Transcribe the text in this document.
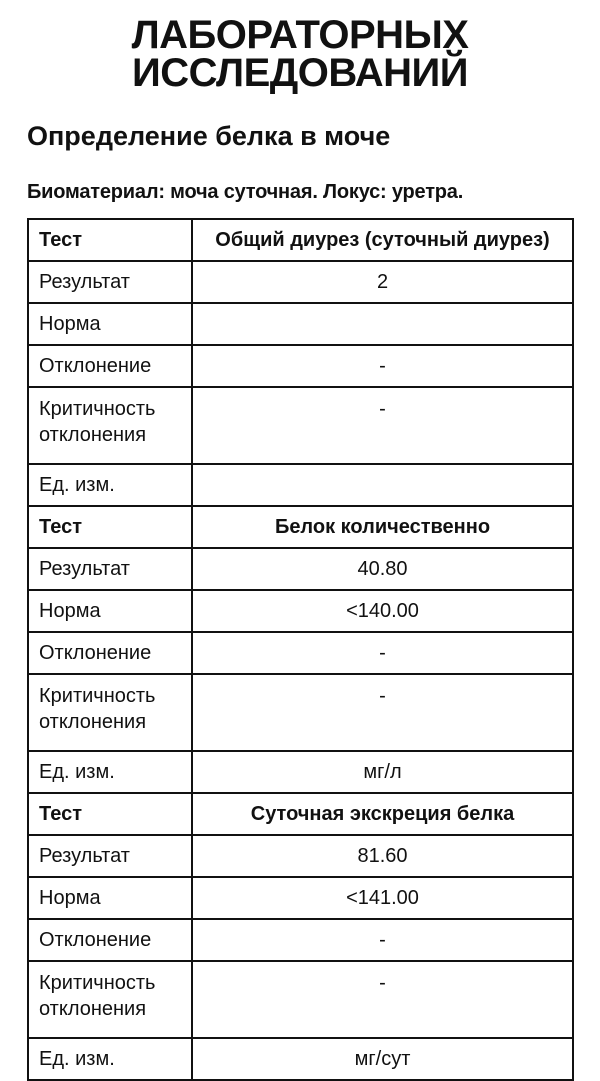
ЛАБОРАТОРНЫХ
ИССЛЕДОВАНИЙ
Определение белка в моче
Биоматериал: моча суточная. Локус: уретра.
Тест	Общий диурез (суточный диурез)
Результат	2
Норма	
Отклонение	-
Критичность
отклонения	-
Ед. изм.	
Тест	Белок количественно
Результат	40.80
Норма	<140.00
Отклонение	-
Критичность
отклонения	-
Ед. изм.	мг/л
Тест	Суточная экскреция белка
Результат	81.60
Норма	<141.00
Отклонение	-
Критичность
отклонения	-
Ед. изм.	мг/сут
